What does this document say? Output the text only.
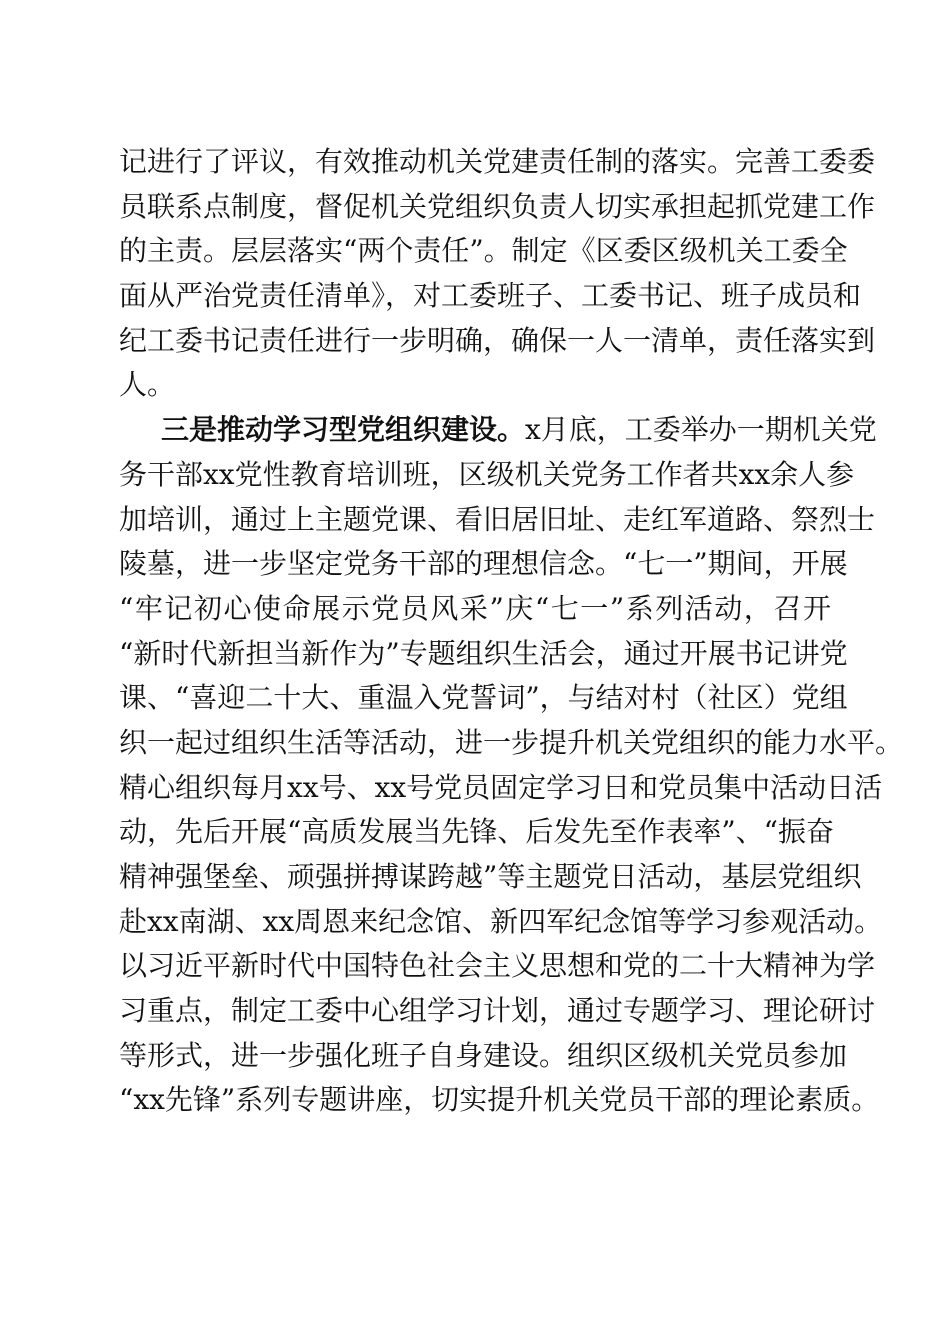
记进行了评议，有效推动机关党建责任制的落实。完善工委委
员联系点制度，督促机关党组织负责人切实承担起抓党建工作
的主责。层层落实“两个责任”。制定《区委区级机关工委全
面从严治党责任清单》，对工委班子、工委书记、班子成员和
纪工委书记责任进行一步明确，确保一人一清单，责任落实到
人。
三是推动学习型党组织建设。x月底，工委举办一期机关党
务干部xx党性教育培训班，区级机关党务工作者共xx余人参
加培训，通过上主题党课、看旧居旧址、走红军道路、祭烈士
陵墓，进一步坚定党务干部的理想信念。“七一”期间，开展
“牢记初心使命展示党员风采”庆“七一”系列活动，召开
“新时代新担当新作为”专题组织生活会，通过开展书记讲党
课、“喜迎二十大、重温入党誓词”，与结对村（社区）党组
织一起过组织生活等活动，进一步提升机关党组织的能力水平。
精心组织每月xx号、xx号党员固定学习日和党员集中活动日活
动，先后开展“高质发展当先锋、后发先至作表率”、“振奋
精神强堡垒、顽强拼搏谋跨越”等主题党日活动，基层党组织
赴xx南湖、xx周恩来纪念馆、新四军纪念馆等学习参观活动。
以习近平新时代中国特色社会主义思想和党的二十大精神为学
习重点，制定工委中心组学习计划，通过专题学习、理论研讨
等形式，进一步强化班子自身建设。组织区级机关党员参加
“xx先锋”系列专题讲座，切实提升机关党员干部的理论素质。
